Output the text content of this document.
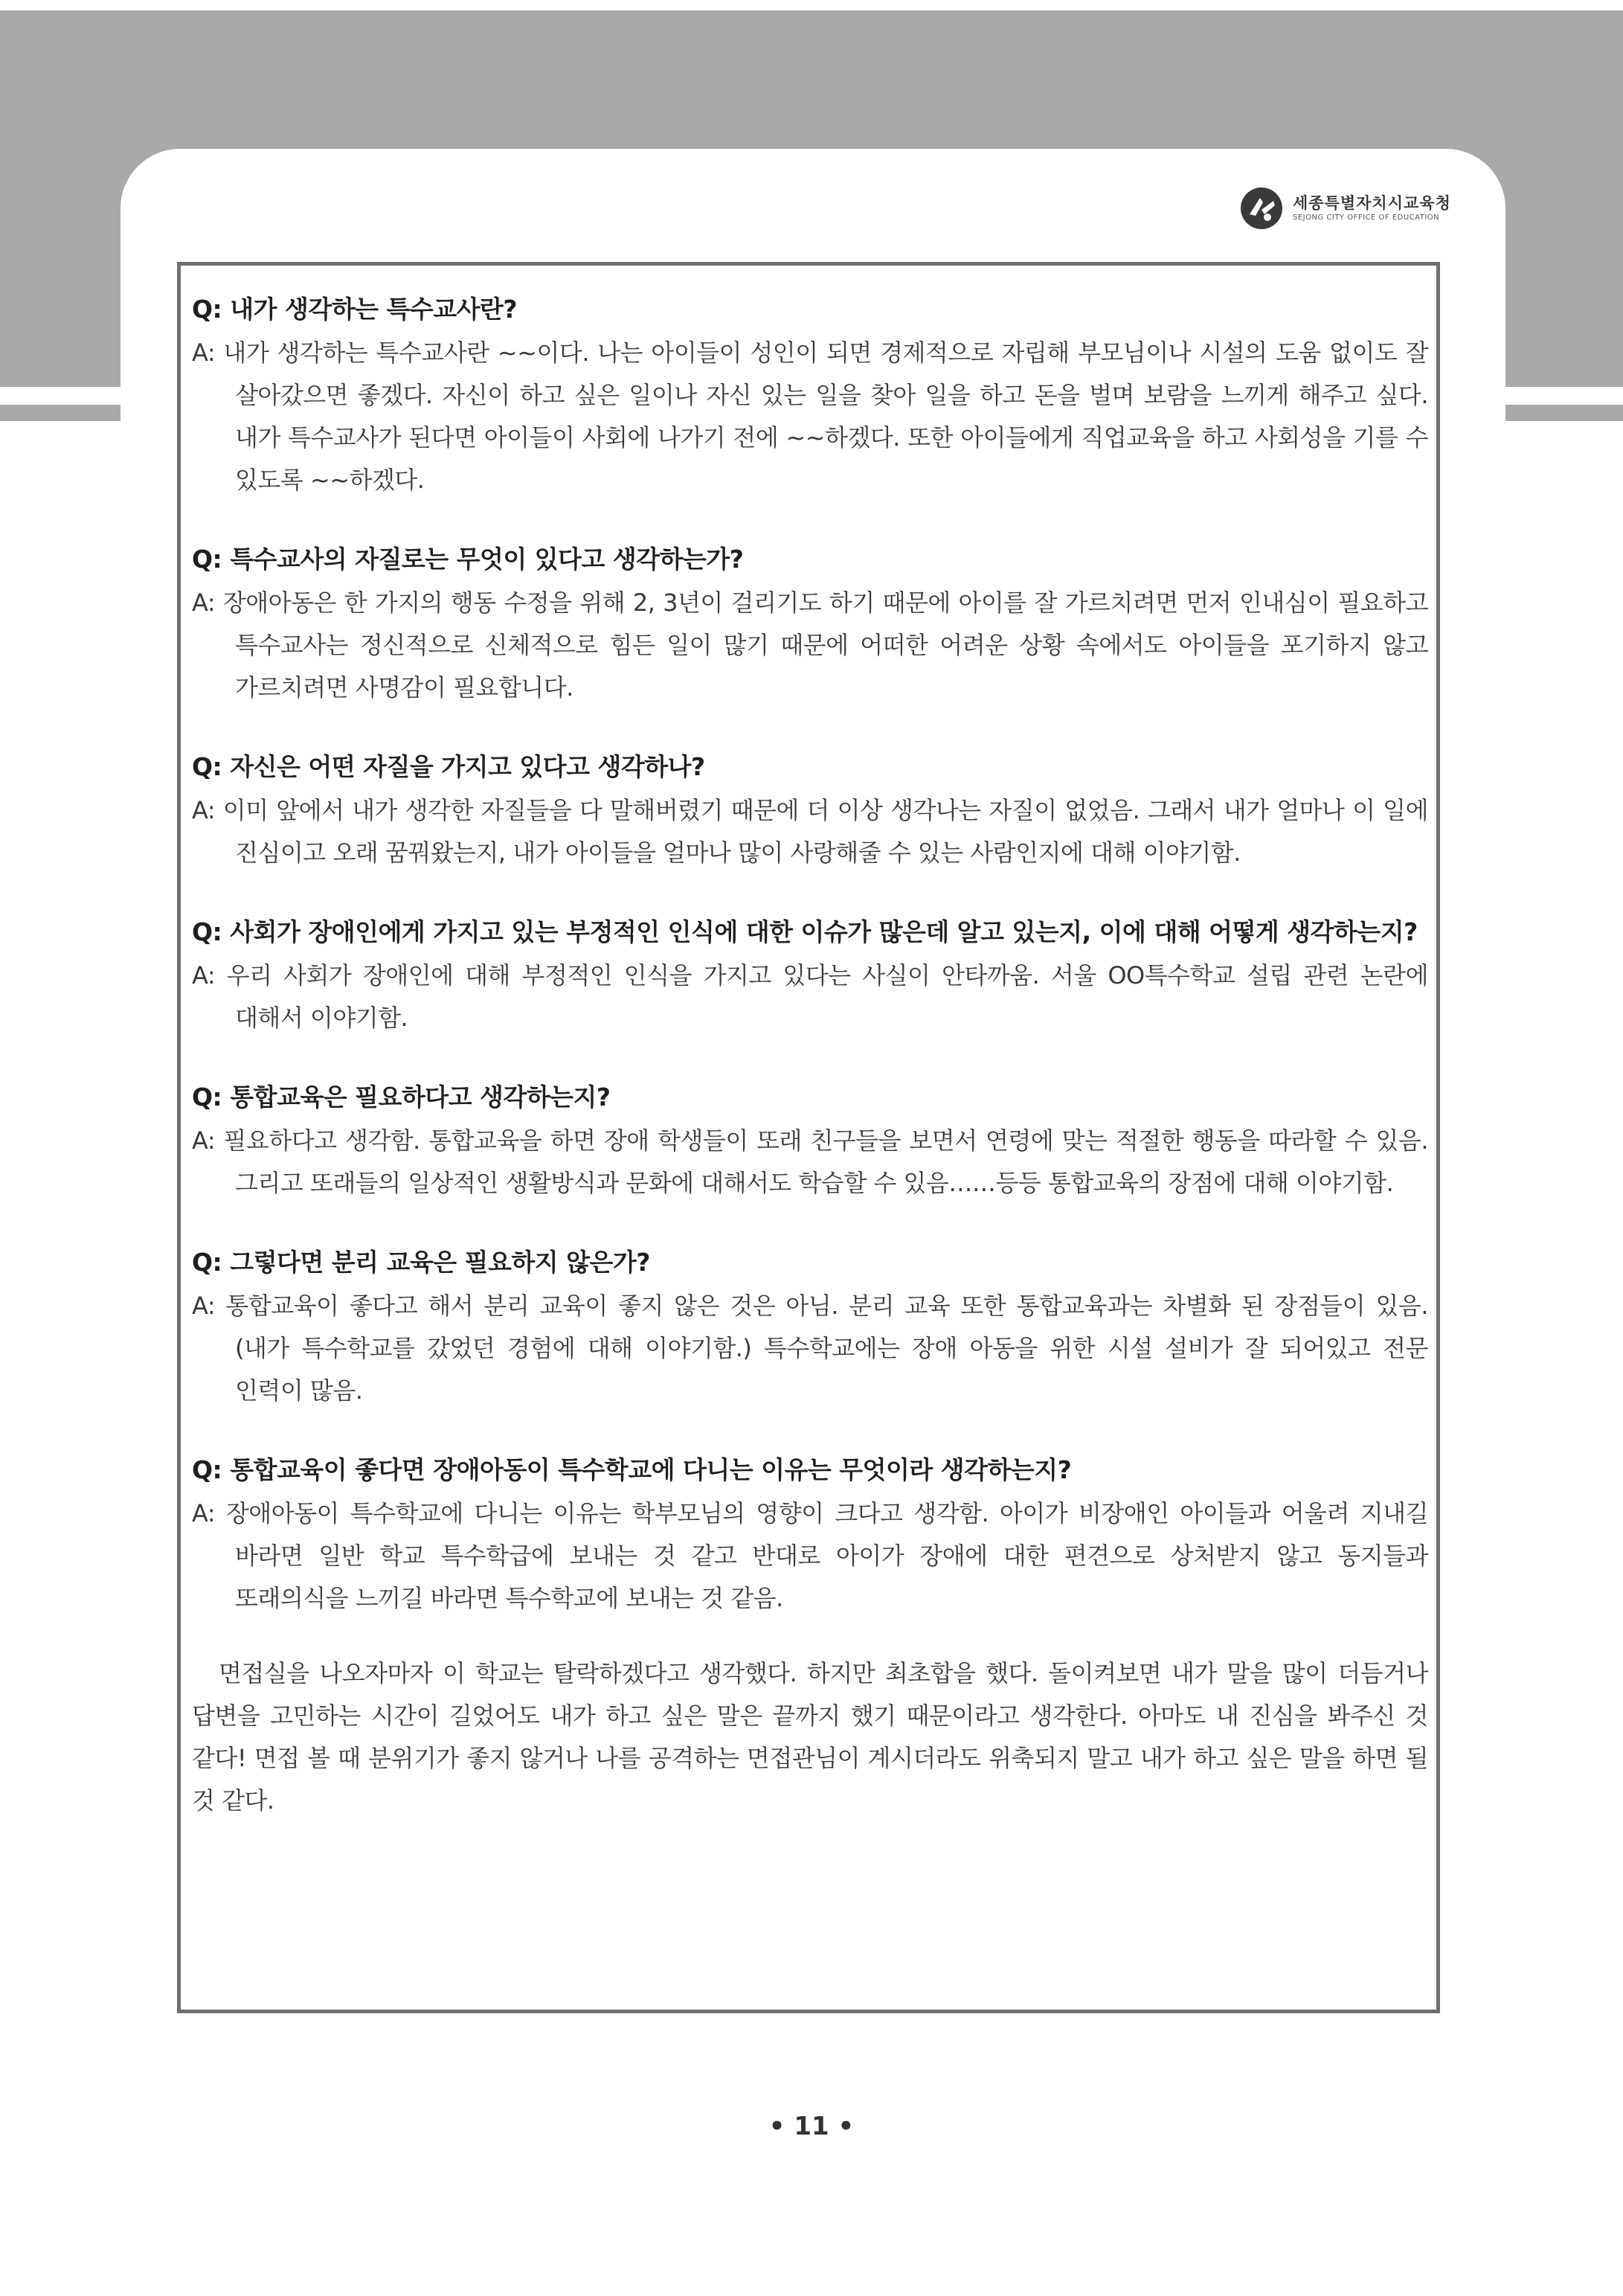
세종특별자치시교육청
SEJONG CITY OFFICE OF EDUCATION
Q: 내가 생각하는 특수교사란?
A: 내가 생각하는 특수교사란 ~~이다. 나는 아이들이 성인이 되면 경제적으로 자립해 부모님이나 시설의 도움 없이도 잘 살아갔으면 좋겠다. 자신이 하고 싶은 일이나 자신 있는 일을 찾아 일을 하고 돈을 벌며 보람을 느끼게 해주고 싶다. 내가 특수교사가 된다면 아이들이 사회에 나가기 전에 ~~하겠다. 또한 아이들에게 직업교육을 하고 사회성을 기를 수 있도록 ~~하겠다.
Q: 특수교사의 자질로는 무엇이 있다고 생각하는가?
A: 장애아동은 한 가지의 행동 수정을 위해 2, 3년이 걸리기도 하기 때문에 아이를 잘 가르치려면 먼저 인내심이 필요하고 특수교사는 정신적으로 신체적으로 힘든 일이 많기 때문에 어떠한 어려운 상황 속에서도 아이들을 포기하지 않고 가르치려면 사명감이 필요합니다.
Q: 자신은 어떤 자질을 가지고 있다고 생각하나?
A: 이미 앞에서 내가 생각한 자질들을 다 말해버렸기 때문에 더 이상 생각나는 자질이 없었음. 그래서 내가 얼마나 이 일에 진심이고 오래 꿈꿔왔는지, 내가 아이들을 얼마나 많이 사랑해줄 수 있는 사람인지에 대해 이야기함.
Q: 사회가 장애인에게 가지고 있는 부정적인 인식에 대한 이슈가 많은데 알고 있는지, 이에 대해 어떻게 생각하는지?
A: 우리 사회가 장애인에 대해 부정적인 인식을 가지고 있다는 사실이 안타까움. 서울 OO특수학교 설립 관련 논란에 대해서 이야기함.
Q: 통합교육은 필요하다고 생각하는지?
A: 필요하다고 생각함. 통합교육을 하면 장애 학생들이 또래 친구들을 보면서 연령에 맞는 적절한 행동을 따라할 수 있음. 그리고 또래들의 일상적인 생활방식과 문화에 대해서도 학습할 수 있음……등등 통합교육의 장점에 대해 이야기함.
Q: 그렇다면 분리 교육은 필요하지 않은가?
A: 통합교육이 좋다고 해서 분리 교육이 좋지 않은 것은 아님. 분리 교육 또한 통합교육과는 차별화 된 장점들이 있음. (내가 특수학교를 갔었던 경험에 대해 이야기함.) 특수학교에는 장애 아동을 위한 시설 설비가 잘 되어있고 전문 인력이 많음.
Q: 통합교육이 좋다면 장애아동이 특수학교에 다니는 이유는 무엇이라 생각하는지?
A: 장애아동이 특수학교에 다니는 이유는 학부모님의 영향이 크다고 생각함. 아이가 비장애인 아이들과 어울려 지내길 바라면 일반 학교 특수학급에 보내는 것 같고 반대로 아이가 장애에 대한 편견으로 상처받지 않고 동지들과 또래의식을 느끼길 바라면 특수학교에 보내는 것 같음.
면접실을 나오자마자 이 학교는 탈락하겠다고 생각했다. 하지만 최초합을 했다. 돌이켜보면 내가 말을 많이 더듬거나 답변을 고민하는 시간이 길었어도 내가 하고 싶은 말은 끝까지 했기 때문이라고 생각한다. 아마도 내 진심을 봐주신 것 같다! 면접 볼 때 분위기가 좋지 않거나 나를 공격하는 면접관님이 계시더라도 위축되지 말고 내가 하고 싶은 말을 하면 될 것 같다.
• 11 •
